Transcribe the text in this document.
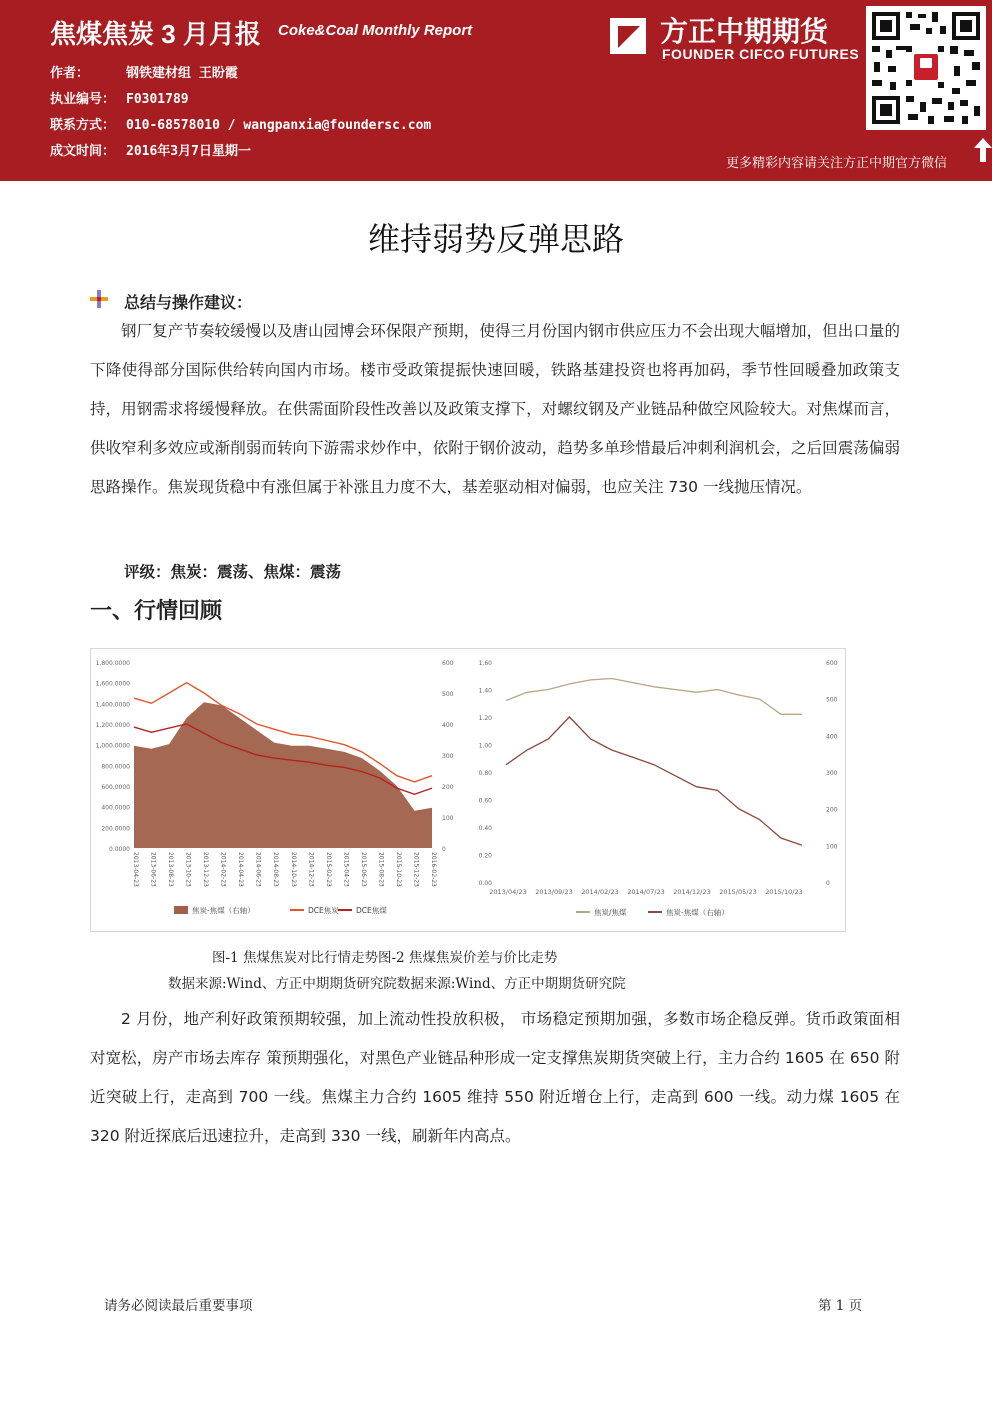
焦煤焦炭 3 月月报 Coke&Coal Monthly Report
作者：	钢铁建材组 王盼霞
执业编号： F0301789
联系方式： 010-68578010 / wangpanxia@foundersc.com
成文时间： 2016年3月7日星期一
方正中期期货
FOUNDER CIFCO FUTURES
更多精彩内容请关注方正中期官方微信
维持弱势反弹思路
总结与操作建议：

钢厂复产节奏较缓慢以及唐山园博会环保限产预期，使得三月份国内钢市供应压力不会出现大幅增加，但出口量的下降使得部分国际供给转向国内市场。楼市受政策提振快速回暖，铁路基建投资也将再加码，季节性回暖叠加政策支持，用钢需求将缓慢释放。在供需面阶段性改善以及政策支撑下，对螺纹钢及产业链品种做空风险较大。对焦煤而言，供收窄利多效应或渐削弱而转向下游需求炒作中，依附于钢价波动，趋势多单珍惜最后冲刺利润机会，之后回震荡偏弱思路操作。焦炭现货稳中有涨但属于补涨且力度不大，基差驱动相对偏弱，也应关注 730 一线抛压情况。

评级：焦炭：震荡、焦煤：震荡
一、行情回顾
1,800.0000
1,600.0000
1,400.0000
1,200.0000
1,000.0000
800.0000
600.0000
400.0000
200.0000
0.0000
600
500
400
300
200
100
0
2013-04-23 2013-06-23 2013-08-23 2013-10-23 2013-12-23 2014-02-23 2014-04-23 2014-06-23 2014-08-23 2014-10-23 2014-12-23 2015-02-23 2015-04-23 2015-06-23 2015-08-23 2015-10-23 2015-12-23 2016-02-23
焦炭-焦煤（右轴）	DCE焦炭 DCE焦煤
1.60
1.40
1.20
1.00
0.80
0.60
0.40
0.20
0.00
600
500
400
300
200
100
0
2013/04/23 2013/09/23 2014/02/23 2014/07/23 2014/12/23 2015/05/23 2015/10/23
焦炭/焦煤	焦炭-焦煤（右轴）
图-1 焦煤焦炭对比行情走势图-2 焦煤焦炭价差与价比走势
数据来源:Wind、方正中期期货研究院数据来源:Wind、方正中期期货研究院

2 月份，地产利好政策预期较强，加上流动性投放积极， 市场稳定预期加强，多数市场企稳反弹。货币政策面相对宽松，房产市场去库存 策预期强化，对黑色产业链品种形成一定支撑焦炭期货突破上行，主力合约 1605 在 650 附近突破上行，走高到 700 一线。焦煤主力合约 1605 维持 550 附近增仓上行，走高到 600 一线。动力煤 1605 在 320 附近探底后迅速拉升，走高到 330 一线，刷新年内高点。

请务必阅读最后重要事项	第 1 页
